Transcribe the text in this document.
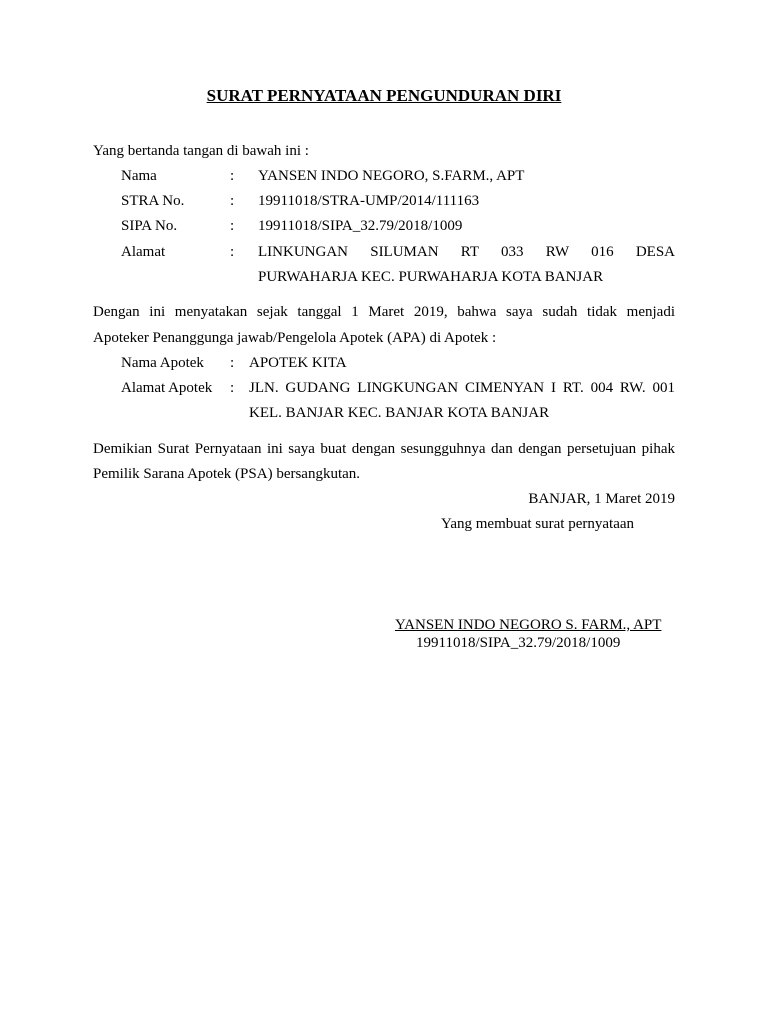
SURAT PERNYATAAN PENGUNDURAN DIRI
Yang bertanda tangan di bawah ini :
Nama	: YANSEN INDO NEGORO, S.FARM., APT
STRA No.	: 19911018/STRA-UMP/2014/111163
SIPA No.	: 19911018/SIPA_32.79/2018/1009
Alamat	: LINKUNGAN SILUMAN RT 033 RW 016 DESA
PURWAHARJA KEC. PURWAHARJA KOTA BANJAR
Dengan ini menyatakan sejak tanggal 1 Maret 2019, bahwa saya sudah tidak menjadi
Apoteker Penanggunga jawab/Pengelola Apotek (APA) di Apotek :
Nama Apotek : APOTEK KITA
Alamat Apotek : JLN. GUDANG LINGKUNGAN CIMENYAN I RT. 004 RW. 001
KEL. BANJAR KEC. BANJAR KOTA BANJAR
Demikian Surat Pernyataan ini saya buat dengan sesungguhnya dan dengan persetujuan pihak
Pemilik Sarana Apotek (PSA) bersangkutan.
BANJAR, 1 Maret 2019
Yang membuat surat pernyataan
YANSEN INDO NEGORO S. FARM., APT
19911018/SIPA_32.79/2018/1009
